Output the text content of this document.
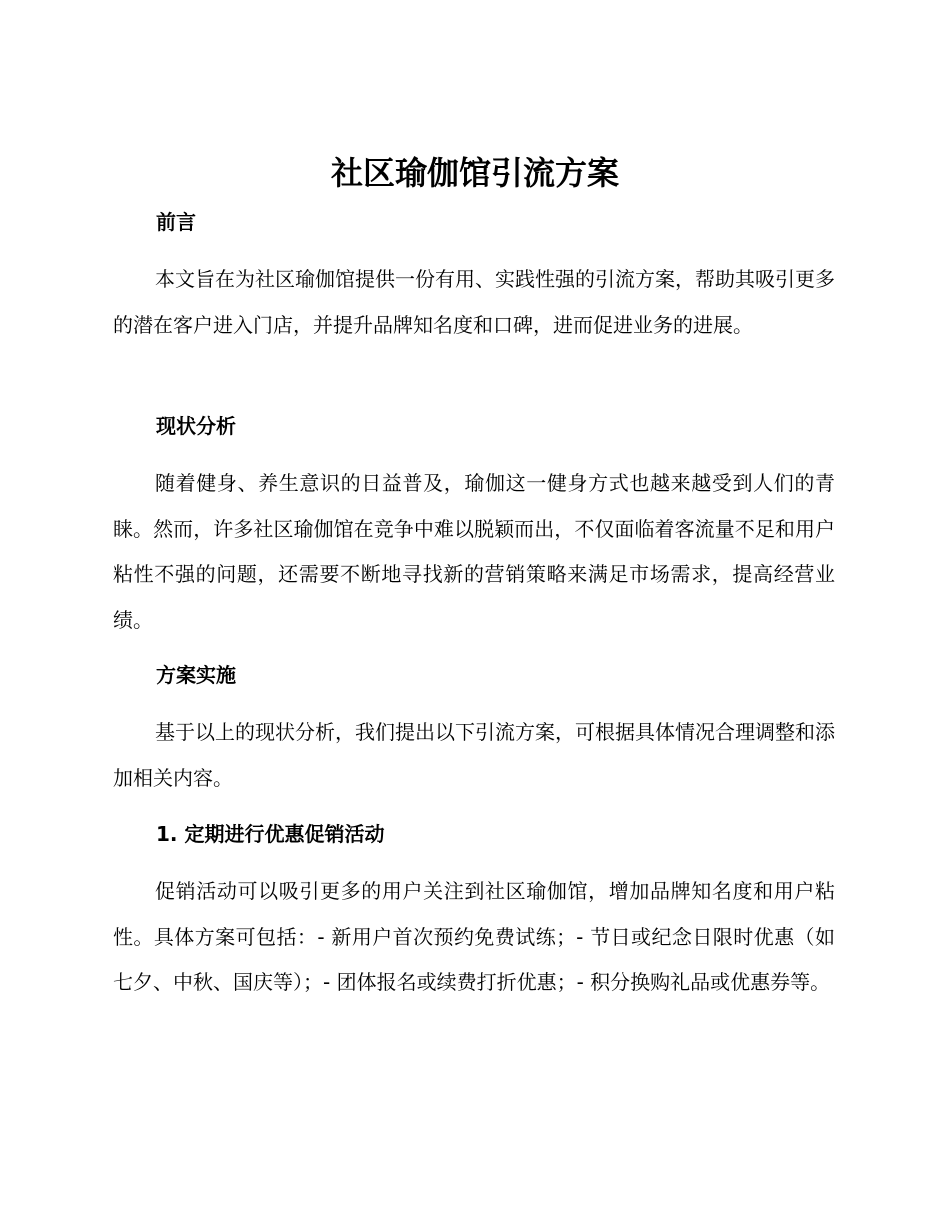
社区瑜伽馆引流方案
前言

本文旨在为社区瑜伽馆提供一份有用、实践性强的引流方案，帮助其吸引更多的潜在客户进入门店，并提升品牌知名度和口碑，进而促进业务的进展。

现状分析

随着健身、养生意识的日益普及，瑜伽这一健身方式也越来越受到人们的青睐。然而，许多社区瑜伽馆在竞争中难以脱颖而出，不仅面临着客流量不足和用户粘性不强的问题，还需要不断地寻找新的营销策略来满足市场需求，提高经营业绩。

方案实施

基于以上的现状分析，我们提出以下引流方案，可根据具体情况合理调整和添加相关内容。

1. 定期进行优惠促销活动

促销活动可以吸引更多的用户关注到社区瑜伽馆，增加品牌知名度和用户粘性。具体方案可包括：- 新用户首次预约免费试练；- 节日或纪念日限时优惠（如七夕、中秋、国庆等）；- 团体报名或续费打折优惠；- 积分换购礼品或优惠券等。
